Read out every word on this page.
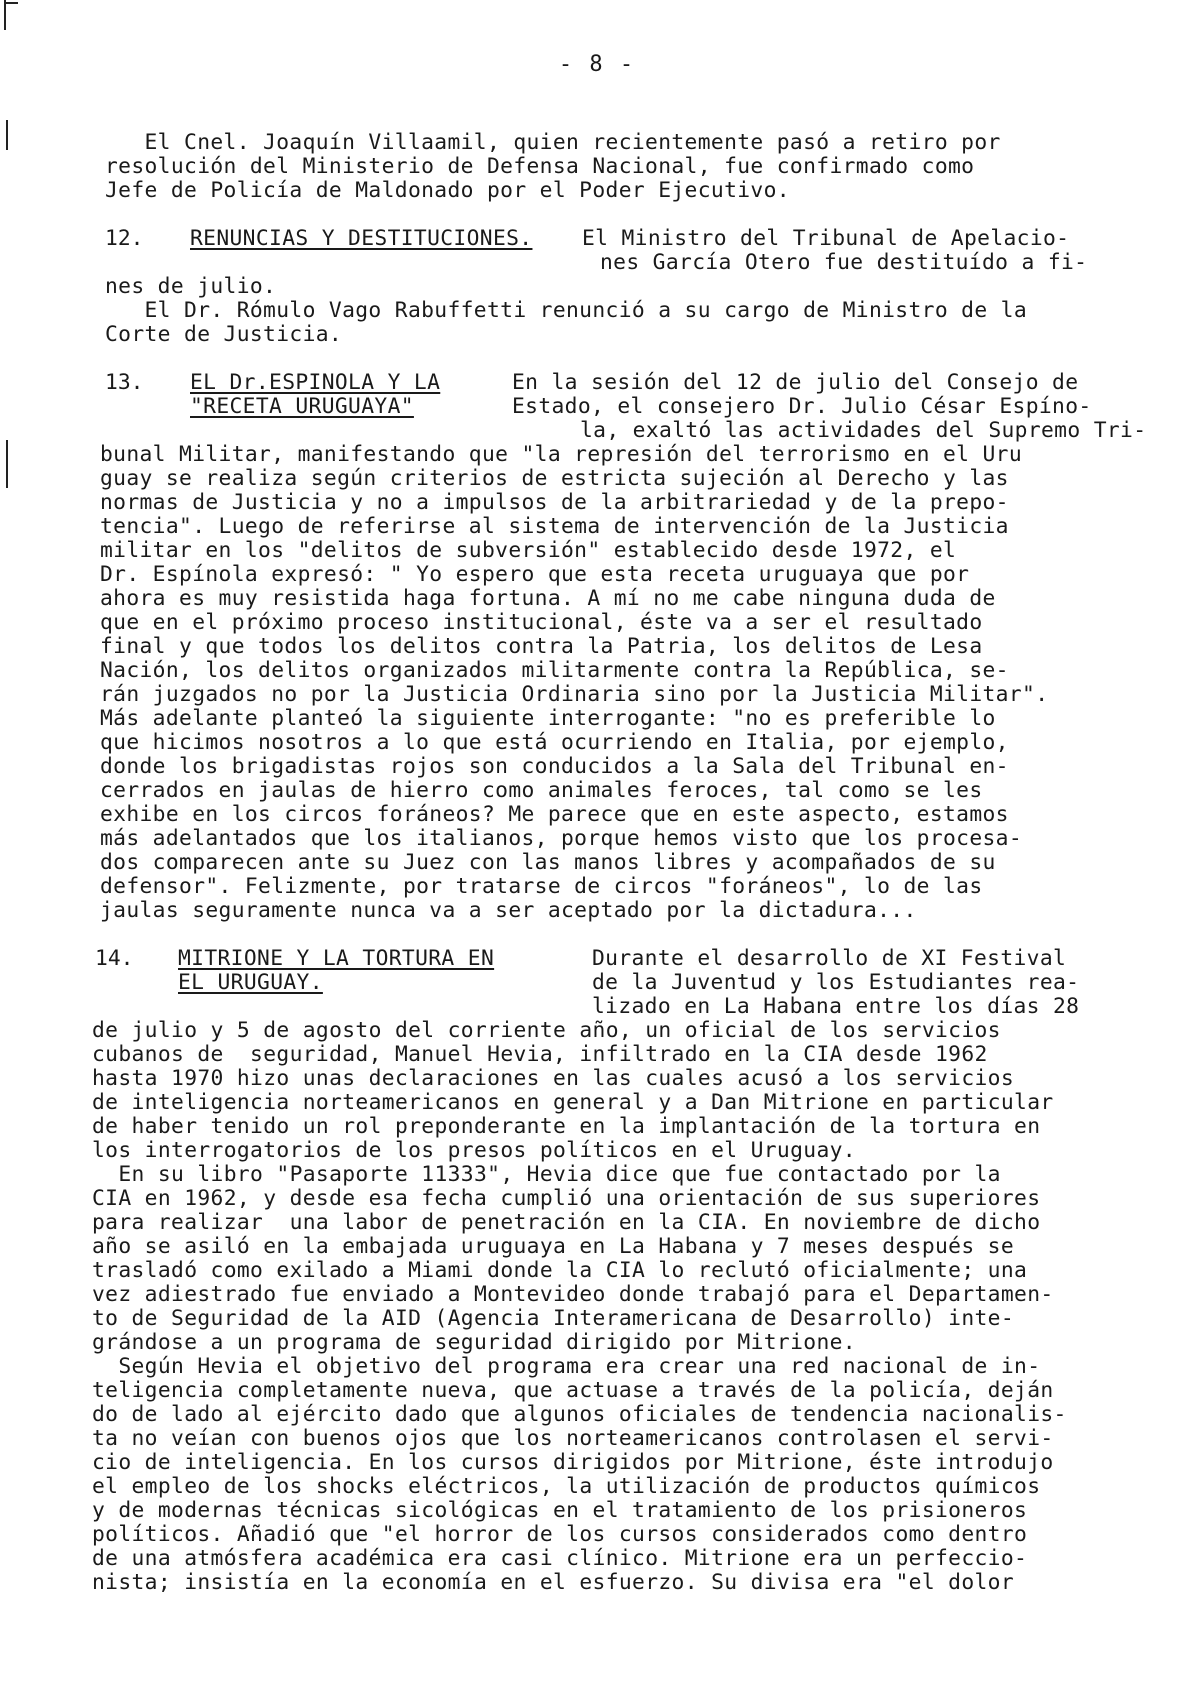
- 8 -
El Cnel. Joaquín Villaamil, quien recientemente pasó a retiro por
resolución del Ministerio de Defensa Nacional, fue confirmado como
Jefe de Policía de Maldonado por el Poder Ejecutivo.
12. RENUNCIAS Y DESTITUCIONES. El Ministro del Tribunal de Apelacio-
nes García Otero fue destituído a fi-
nes de julio.
El Dr. Rómulo Vago Rabuffetti renunció a su cargo de Ministro de la
Corte de Justicia.
13. EL Dr.ESPINOLA Y LA
"RECETA URUGUAYA"
En la sesión del 12 de julio del Consejo de
Estado, el consejero Dr. Julio César Espíno-
la, exaltó las actividades del Supremo Tri-
bunal Militar, manifestando que "la represión del terrorismo en el Uru
guay se realiza según criterios de estricta sujeción al Derecho y las
normas de Justicia y no a impulsos de la arbitrariedad y de la prepo-
tencia". Luego de referirse al sistema de intervención de la Justicia
militar en los "delitos de subversión" establecido desde 1972, el
Dr. Espínola expresó: " Yo espero que esta receta uruguaya que por
ahora es muy resistida haga fortuna. A mí no me cabe ninguna duda de
que en el próximo proceso institucional, éste va a ser el resultado
final y que todos los delitos contra la Patria, los delitos de Lesa
Nación, los delitos organizados militarmente contra la República, se-
rán juzgados no por la Justicia Ordinaria sino por la Justicia Militar".
Más adelante planteó la siguiente interrogante: "no es preferible lo
que hicimos nosotros a lo que está ocurriendo en Italia, por ejemplo,
donde los brigadistas rojos son conducidos a la Sala del Tribunal en-
cerrados en jaulas de hierro como animales feroces, tal como se les
exhibe en los circos foráneos? Me parece que en este aspecto, estamos
más adelantados que los italianos, porque hemos visto que los procesa-
dos comparecen ante su Juez con las manos libres y acompañados de su
defensor". Felizmente, por tratarse de circos "foráneos", lo de las
jaulas seguramente nunca va a ser aceptado por la dictadura...
14. MITRIONE Y LA TORTURA EN
EL URUGUAY.
Durante el desarrollo de XI Festival
de la Juventud y los Estudiantes rea-
lizado en La Habana entre los días 28
de julio y 5 de agosto del corriente año, un oficial de los servicios
cubanos de  seguridad, Manuel Hevia, infiltrado en la CIA desde 1962
hasta 1970 hizo unas declaraciones en las cuales acusó a los servicios
de inteligencia norteamericanos en general y a Dan Mitrione en particular
de haber tenido un rol preponderante en la implantación de la tortura en
los interrogatorios de los presos políticos en el Uruguay.
En su libro "Pasaporte 11333", Hevia dice que fue contactado por la
CIA en 1962, y desde esa fecha cumplió una orientación de sus superiores
para realizar  una labor de penetración en la CIA. En noviembre de dicho
año se asiló en la embajada uruguaya en La Habana y 7 meses después se
trasladó como exilado a Miami donde la CIA lo reclutó oficialmente; una
vez adiestrado fue enviado a Montevideo donde trabajó para el Departamen-
to de Seguridad de la AID (Agencia Interamericana de Desarrollo) inte-
grándose a un programa de seguridad dirigido por Mitrione.
Según Hevia el objetivo del programa era crear una red nacional de in-
teligencia completamente nueva, que actuase a través de la policía, deján
do de lado al ejército dado que algunos oficiales de tendencia nacionalis-
ta no veían con buenos ojos que los norteamericanos controlasen el servi-
cio de inteligencia. En los cursos dirigidos por Mitrione, éste introdujo
el empleo de los shocks eléctricos, la utilización de productos químicos
y de modernas técnicas sicológicas en el tratamiento de los prisioneros
políticos. Añadió que "el horror de los cursos considerados como dentro
de una atmósfera académica era casi clínico. Mitrione era un perfeccio-
nista; insistía en la economía en el esfuerzo. Su divisa era "el dolor
